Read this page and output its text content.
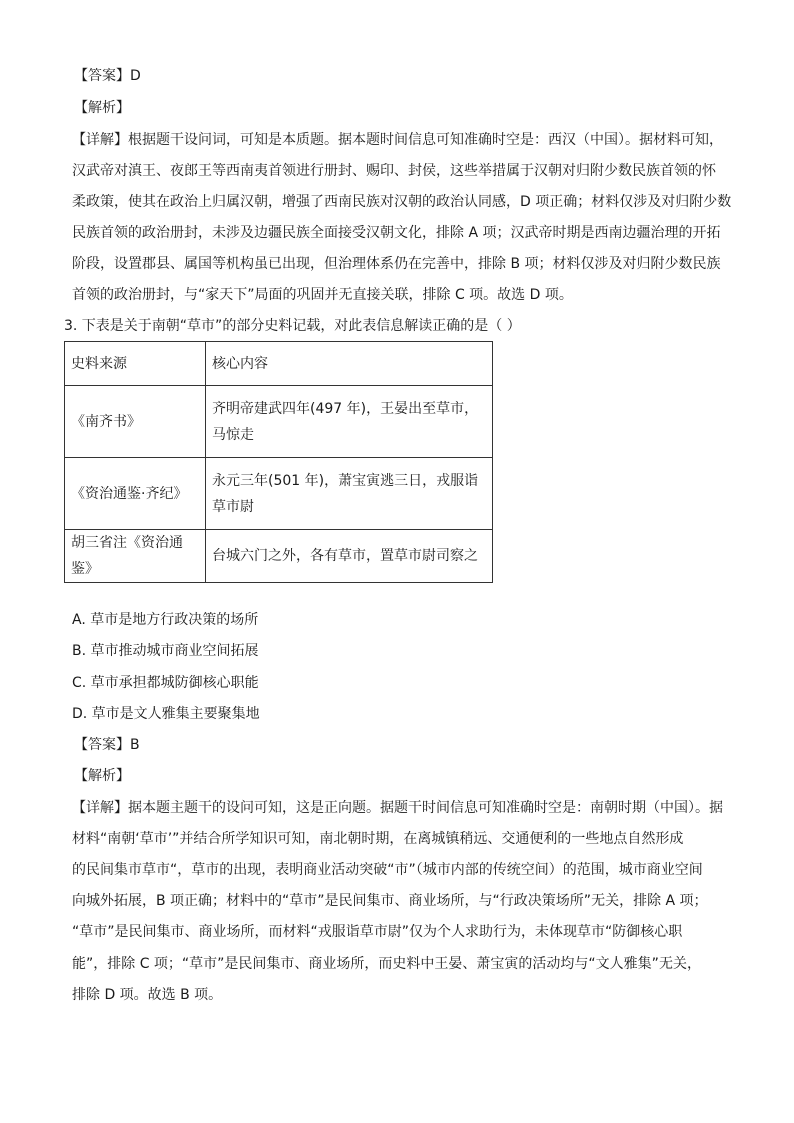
【答案】D
【解析】
【详解】根据题干设问词，可知是本质题。据本题时间信息可知准确时空是：西汉（中国）。据材料可知，
汉武帝对滇王、夜郎王等西南夷首领进行册封、赐印、封侯，这些举措属于汉朝对归附少数民族首领的怀
柔政策，使其在政治上归属汉朝，增强了西南民族对汉朝的政治认同感，D 项正确；材料仅涉及对归附少数
民族首领的政治册封，未涉及边疆民族全面接受汉朝文化，排除 A 项；汉武帝时期是西南边疆治理的开拓
阶段，设置郡县、属国等机构虽已出现，但治理体系仍在完善中，排除 B 项；材料仅涉及对归附少数民族
首领的政治册封，与“家天下”局面的巩固并无直接关联，排除 C 项。故选 D 项。
3. 下表是关于南朝“草市”的部分史料记载，对此表信息解读正确的是（ ）
史料来源	核心内容
《南齐书》	齐明帝建武四年(497 年)，王晏出至草市，马惊走
《资治通鉴·齐纪》	永元三年(501 年)，萧宝寅逃三日，戎服诣草市尉
胡三省注《资治通鉴》	台城六门之外，各有草市，置草市尉司察之
A. 草市是地方行政决策的场所
B. 草市推动城市商业空间拓展
C. 草市承担都城防御核心职能
D. 草市是文人雅集主要聚集地
【答案】B
【解析】
【详解】据本题主题干的设问可知，这是正向题。据题干时间信息可知准确时空是：南朝时期（中国）。据
材料“南朝‘草市’”并结合所学知识可知，南北朝时期，在离城镇稍远、交通便利的一些地点自然形成
的民间集市草市“，草市的出现，表明商业活动突破“市”（城市内部的传统空间）的范围，城市商业空间
向城外拓展，B 项正确；材料中的“草市”是民间集市、商业场所，与“行政决策场所”无关，排除 A 项；
“草市”是民间集市、商业场所，而材料“戎服诣草市尉”仅为个人求助行为，未体现草市“防御核心职
能”，排除 C 项；“草市”是民间集市、商业场所，而史料中王晏、萧宝寅的活动均与“文人雅集”无关，
排除 D 项。故选 B 项。
